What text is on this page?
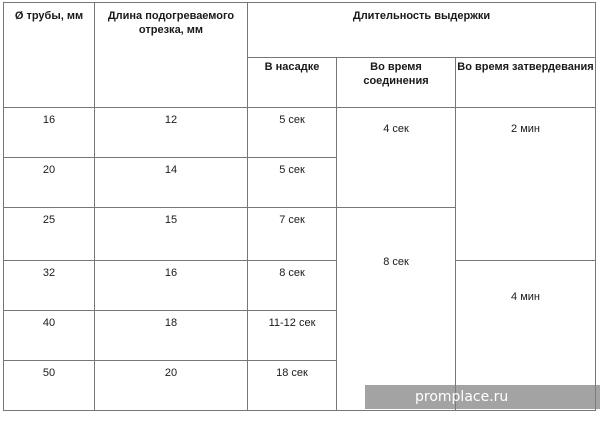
Ø трубы, мм	Длина подогреваемого отрезка, мм	Длительность выдержки		
		В насадке	Во время соединения	Во время затвердевания
16	12	5 сек	4 сек	2 мин
20	14	5 сек		
25	15	7 сек	8 сек	
32	16	8 сек		4 мин
40	18	11-12 сек		
50	20	18 сек		
promplace.ru
